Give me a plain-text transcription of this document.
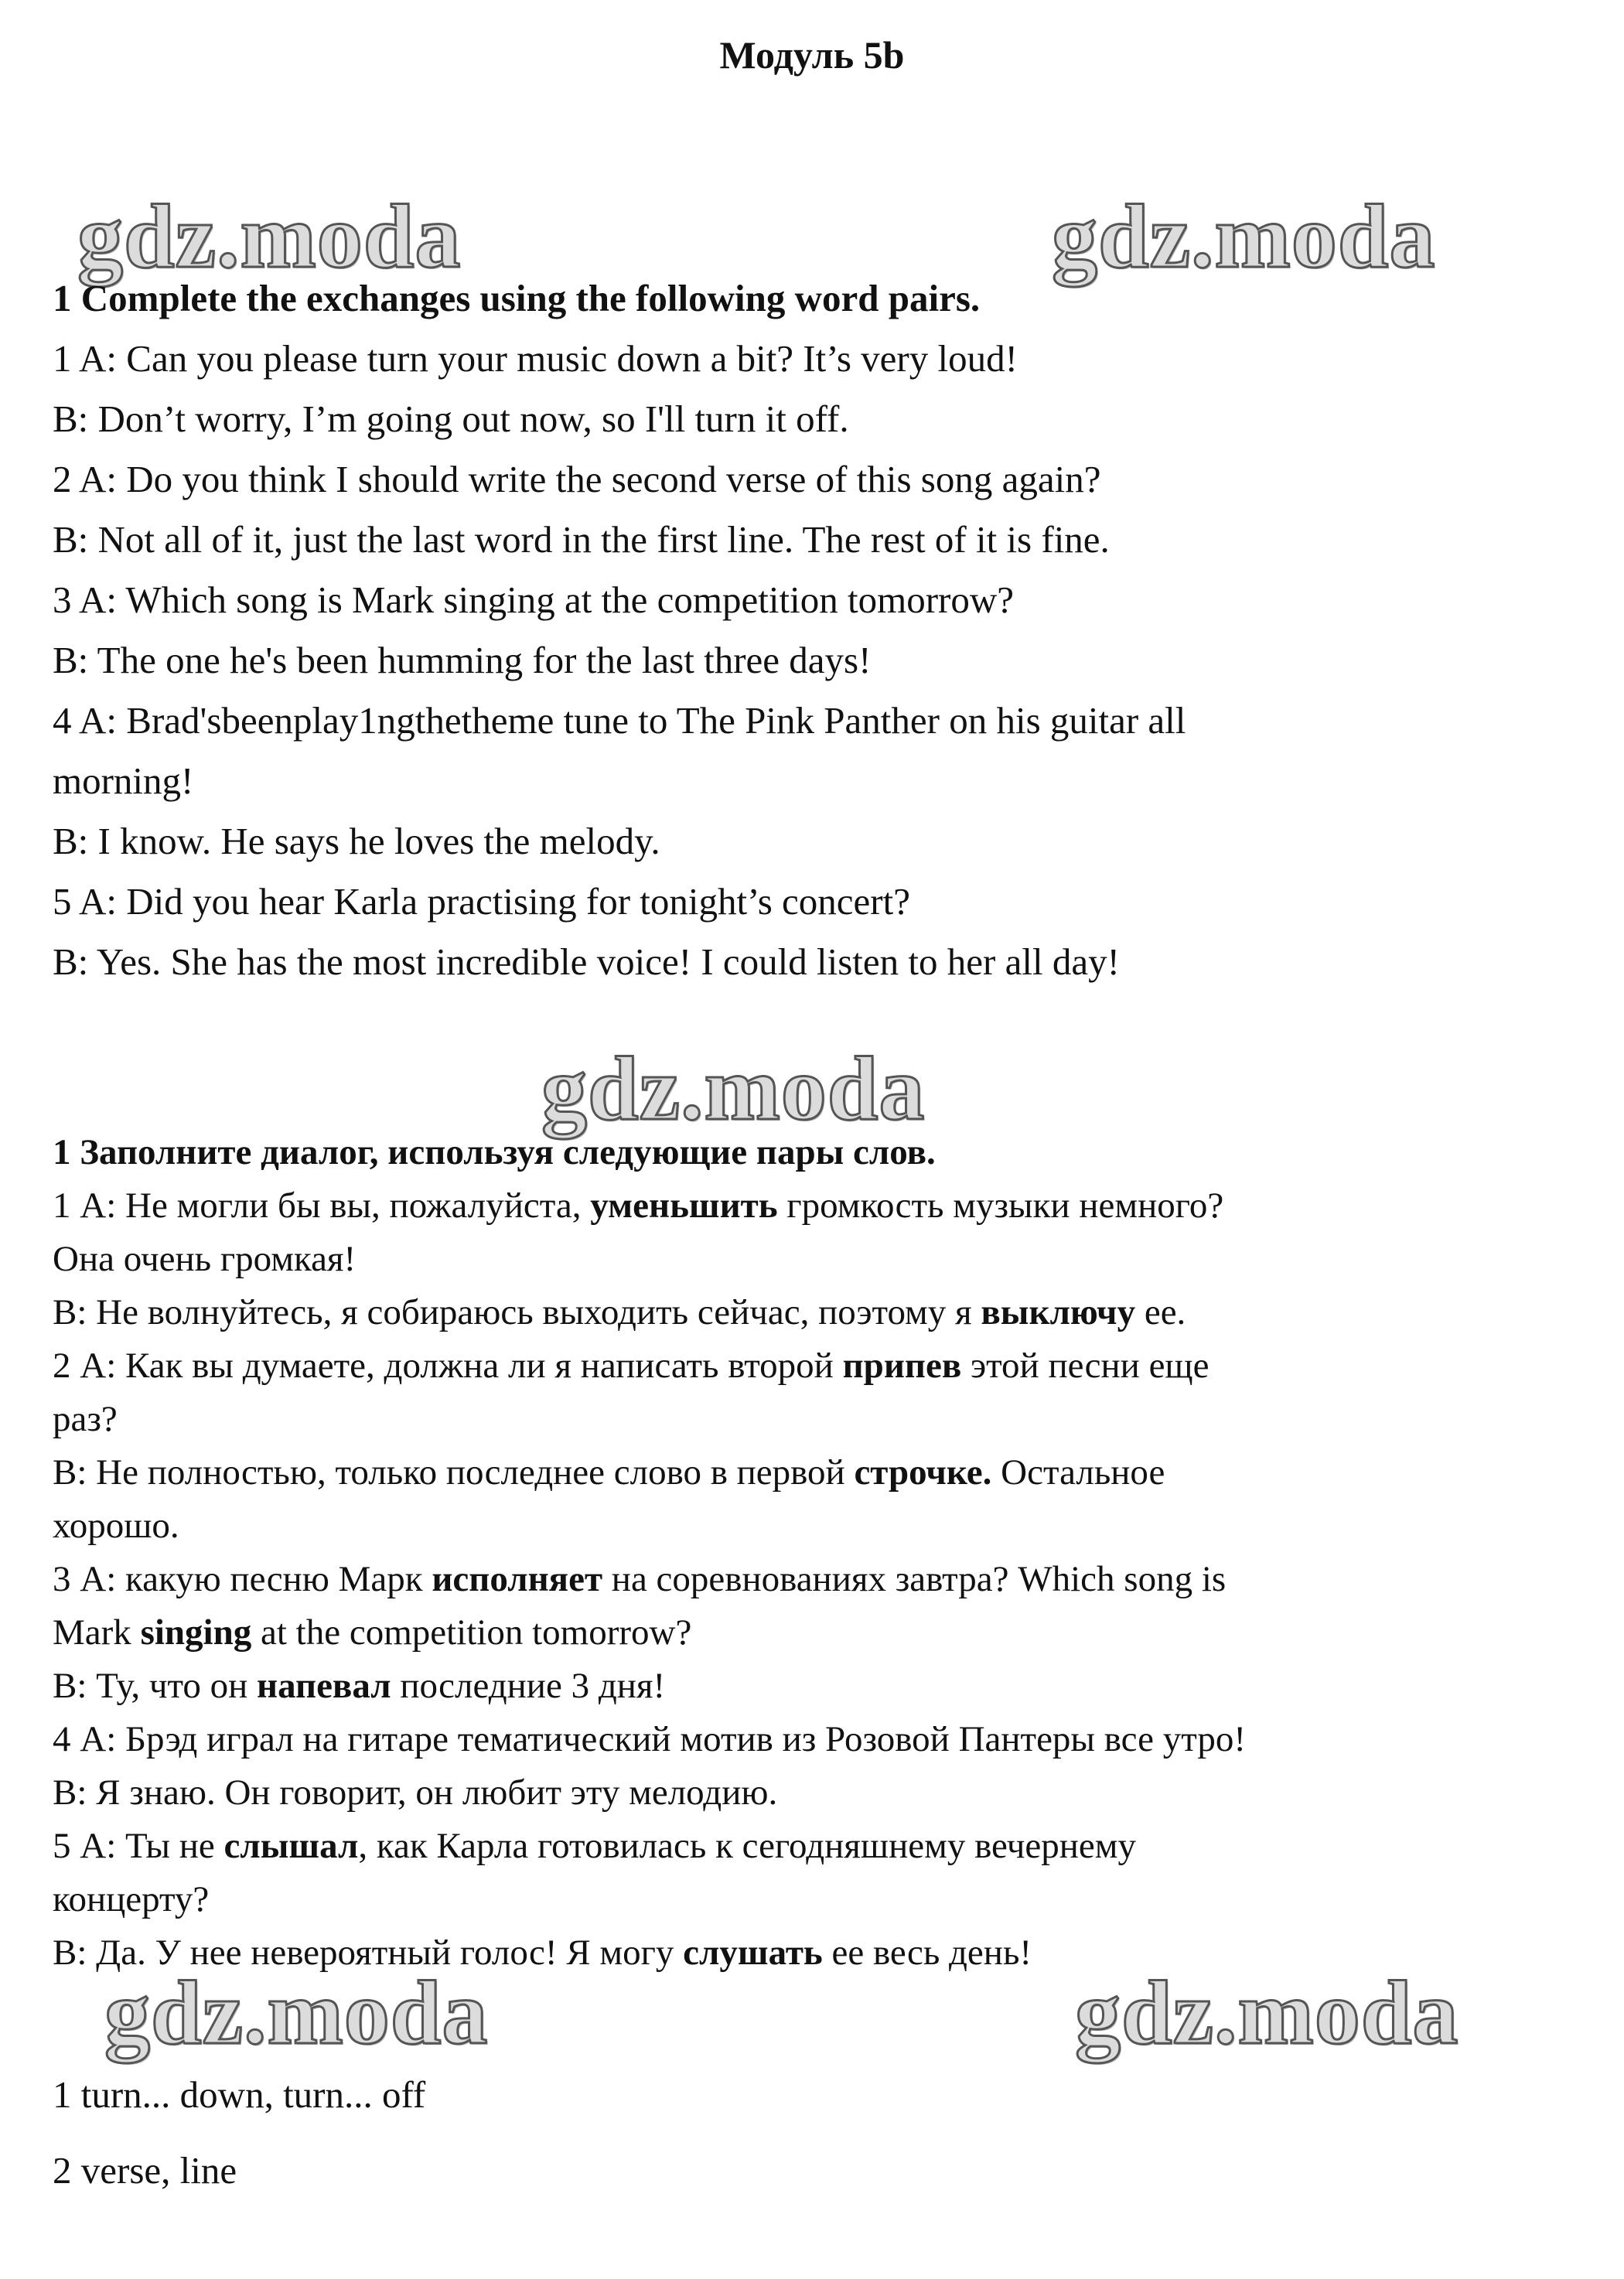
Модуль 5b
gdz.moda	gdz.moda
1 Complete the exchanges using the following word pairs.
1 A: Can you please turn your music down a bit? It’s very loud!
B: Don’t worry, I’m going out now, so I'll turn it off.
2 A: Do you think I should write the second verse of this song again?
B: Not all of it, just the last word in the first line. The rest of it is fine.
3 A: Which song is Mark singing at the competition tomorrow?
B: The one he's been humming for the last three days!
4 A: Brad'sbeenplay1ngthetheme tune to The Pink Panther on his guitar all
morning!
B: I know. He says he loves the melody.
5 A: Did you hear Karla practising for tonight’s concert?
B: Yes. She has the most incredible voice! I could listen to her all day!
gdz.moda
1 Заполните диалог, используя следующие пары слов.
1 А: Не могли бы вы, пожалуйста, уменьшить громкость музыки немного?
Она очень громкая!
В: Не волнуйтесь, я собираюсь выходить сейчас, поэтому я выключу ее.
2 А: Как вы думаете, должна ли я написать второй припев этой песни еще
раз?
В: Не полностью, только последнее слово в первой строчке. Остальное
хорошо.
3 А: какую песню Марк исполняет на соревнованиях завтра? Which song is
Mark singing at the competition tomorrow?
В: Ту, что он напевал последние 3 дня!
4 А: Брэд играл на гитаре тематический мотив из Розовой Пантеры все утро!
В: Я знаю. Он говорит, он любит эту мелодию.
5 А: Ты не слышал, как Карла готовилась к сегодняшнему вечернему
концерту?
В: Да. У нее невероятный голос! Я могу слушать ее весь день!
gdz.moda	gdz.moda
1 turn... down, turn... off
2 verse, line
